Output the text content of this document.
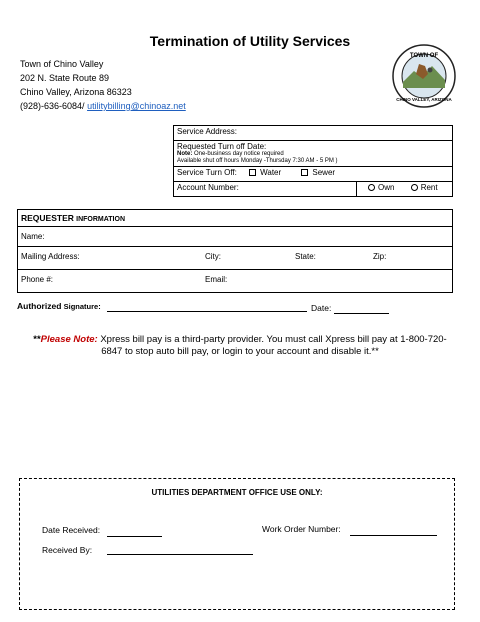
Termination of Utility Services
Town of Chino Valley
202 N. State Route 89
Chino Valley, Arizona 86323
(928)-636-6084/ utilitybilling@chinoaz.net
TOWN OF
CHINO VALLEY, ARIZONA
Service Address:

Requested Turn off Date:
Note: One-business day notice required
Available shut off hours Monday -Thursday 7:30 AM - 5 PM )

Service Turn Off:	Water	Sewer
Account Number:	Own	Rent
REQUESTER INFORMATION
Name:

Mailing Address:	City:	State:	Zip:

Phone #:	Email:
Authorized Signature:	Date:
**Please Note: Xpress bill pay is a third-party provider. You must call Xpress bill pay at 1-800-720-6847 to stop auto bill pay, or login to your account and disable it.**
UTILITIES DEPARTMENT OFFICE USE ONLY:
Date Received:	Work Order Number:
Received By:
